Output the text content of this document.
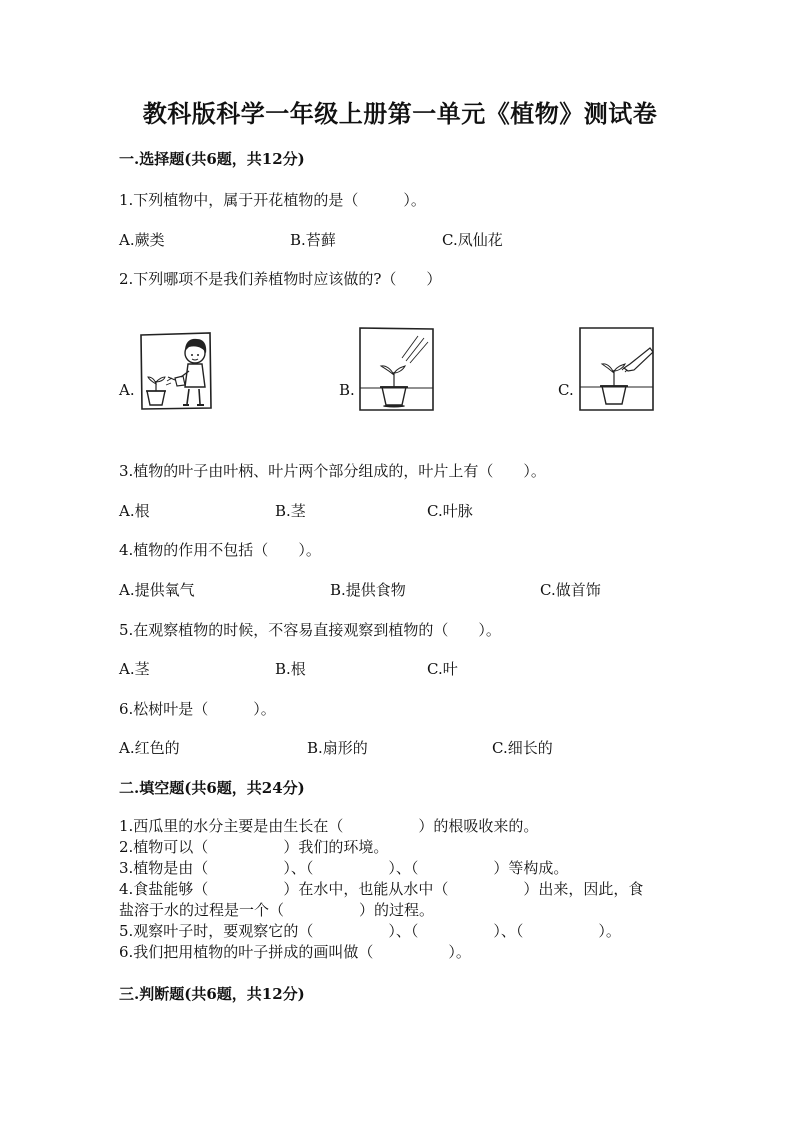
教科版科学一年级上册第一单元《植物》测试卷
一.选择题(共6题，共12分)
1.下列植物中，属于开花植物的是（　　　）。
A.蕨类	B.苔藓	C.凤仙花
2.下列哪项不是我们养植物时应该做的?（　　）
A.	B.	C.
3.植物的叶子由叶柄、叶片两个部分组成的，叶片上有（　　）。
A.根	B.茎	C.叶脉
4.植物的作用不包括（　　）。
A.提供氧气	B.提供食物	C.做首饰
5.在观察植物的时候，不容易直接观察到植物的（　　）。
A.茎	B.根	C.叶
6.松树叶是（　　　）。
A.红色的	B.扇形的	C.细长的
二.填空题(共6题，共24分)
1.西瓜里的水分主要是由生长在（　　　　　）的根吸收来的。
2.植物可以（　　　　　）我们的环境。
3.植物是由（　　　　　）、（　　　　　）、（　　　　　）等构成。
4.食盐能够（　　　　　）在水中，也能从水中（　　　　　）出来，因此，食
盐溶于水的过程是一个（　　　　　）的过程。
5.观察叶子时，要观察它的（　　　　　）、（　　　　　）、（　　　　　）。
6.我们把用植物的叶子拼成的画叫做（　　　　　）。
三.判断题(共6题，共12分)
